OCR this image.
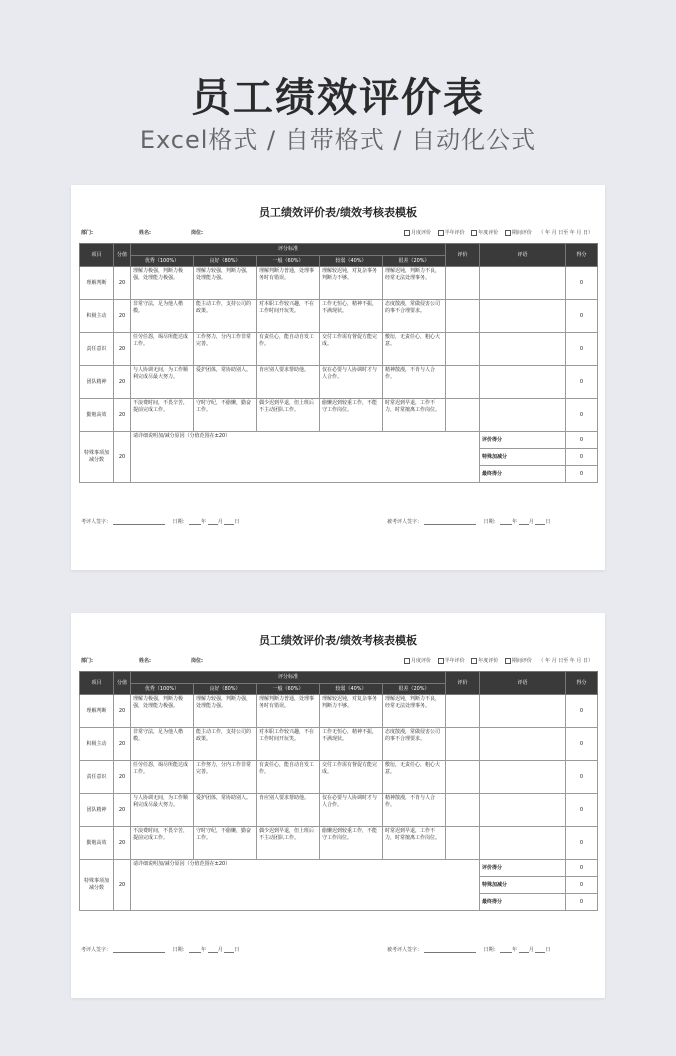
员工绩效评价表
Excel格式 / 自带格式 / 自动化公式
员工绩效评价表/绩效考核表模板
部门:	姓名:	岗位:	月度评价	半年评价	年度评价	期间评价 （ 年 月 日至 年 月 日）
项目	分值	评分标准					评价	评语	得分
		优秀（100%）	良好（80%）	一般（60%）	较弱（40%）	很差（20%）			
理解判断	20	理解力极强，判断力极强，处理能力极强。	理解力较强，判断力强，处理能力强。	理解判断力普通，处理事务时有错误。	理解较迟钝，对复杂事务判断力不够。	理解迟钝，判断力不良，经常无法处理事务。			0
积极主动	20	非常守法，足为他人楷模。	能主动工作，支持公司的政策。	对本职工作较兴趣，不在工作时间开玩笑。	工作无恒心，精神不振，不满现状。	态度散漫，常做侵害公司的事不合理要求。			0
责任意识	20	任劳任怨，竭尽所能达成工作。	工作努力，分内工作非常完善。	有责任心，能自动自发工作。	交付工作需有督促方能完成。	敷衍，无责任心，粗心大意。			0
团队精神	20	与人协调无间，为工作顺利完成尽最大努力。	爱护团体，常协助别人。	肯应别人要求帮助他。	仅在必要与人协调时才与人合作。	精神散漫，不肯与人合作。			0
勤勉高效	20	不浪费时间，不畏辛苦，提前完成工作。	守时守纪，不偷懒，勤奋工作。	偶少迟到早退，但上班后不主动团队工作。	偷懒迟到较重工作，不能守工作岗位。	时常迟到早退，工作不力，时常擅离工作岗位。			0
特殊事项加减分数	20	请详细说明加/减分原因（分值范围在±20）						评价得分	0
								特殊加减分	0
								最终得分	0
考评人签字：	日期：	年 月 日	被考评人签字：	日期：	年 月 日
员工绩效评价表/绩效考核表模板
部门:	姓名:	岗位:	月度评价	半年评价	年度评价	期间评价 （ 年 月 日至 年 月 日）
项目	分值	评分标准					评价	评语	得分
		优秀（100%）	良好（80%）	一般（60%）	较弱（40%）	很差（20%）			
理解判断	20	理解力极强，判断力极强，处理能力极强。	理解力较强，判断力强，处理能力强。	理解判断力普通，处理事务时有错误。	理解较迟钝，对复杂事务判断力不够。	理解迟钝，判断力不良，经常无法处理事务。			0
积极主动	20	非常守法，足为他人楷模。	能主动工作，支持公司的政策。	对本职工作较兴趣，不在工作时间开玩笑。	工作无恒心，精神不振，不满现状。	态度散漫，常做侵害公司的事不合理要求。			0
责任意识	20	任劳任怨，竭尽所能达成工作。	工作努力，分内工作非常完善。	有责任心，能自动自发工作。	交付工作需有督促方能完成。	敷衍，无责任心，粗心大意。			0
团队精神	20	与人协调无间，为工作顺利完成尽最大努力。	爱护团体，常协助别人。	肯应别人要求帮助他。	仅在必要与人协调时才与人合作。	精神散漫，不肯与人合作。			0
勤勉高效	20	不浪费时间，不畏辛苦，提前完成工作。	守时守纪，不偷懒，勤奋工作。	偶少迟到早退，但上班后不主动团队工作。	偷懒迟到较重工作，不能守工作岗位。	时常迟到早退，工作不力，时常擅离工作岗位。			0
特殊事项加减分数	20	请详细说明加/减分原因（分值范围在±20）						评价得分	0
								特殊加减分	0
								最终得分	0
考评人签字：	日期：	年 月 日	被考评人签字：	日期：	年 月 日
